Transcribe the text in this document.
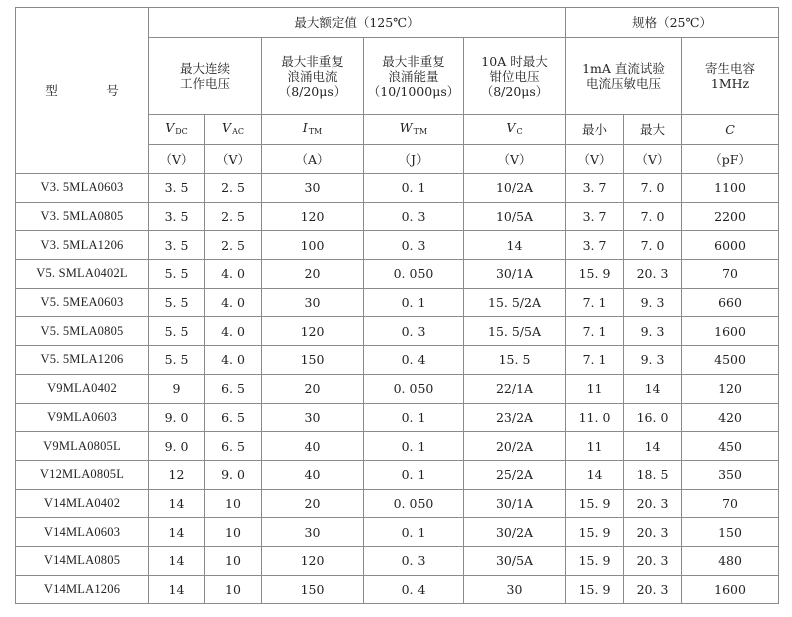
型　号	最大额定值（125℃）					规格（25℃）		

	最大连续
工作电压		最大非重复
浪涌电流
（8/20μs）	最大非重复
浪涌能量
（10/1000μs）	10A 时最大
钳位电压
（8/20μs）	1mA 直流试验
电流压敏电压		寄生电容
1MHz

	$V_{DC}$	$V_{AC}$	$I_{TM}$	$W_{TM}$	$V_C$	最小	最大	C
	（V）	（V）	（A）	（J）	（V）	（V）	（V）	（pF）
V3. 5MLA0603	3. 5	2. 5	30	0. 1	10/2A	3. 7	7. 0	1100
V3. 5MLA0805	3. 5	2. 5	120	0. 3	10/5A	3. 7	7. 0	2200
V3. 5MLA1206	3. 5	2. 5	100	0. 3	14	3. 7	7. 0	6000
V5. SMLA0402L	5. 5	4. 0	20	0. 050	30/1A	15. 9	20. 3	70
V5. 5MEA0603	5. 5	4. 0	30	0. 1	15. 5/2A	7. 1	9. 3	660
V5. 5MLA0805	5. 5	4. 0	120	0. 3	15. 5/5A	7. 1	9. 3	1600
V5. 5MLA1206	5. 5	4. 0	150	0. 4	15. 5	7. 1	9. 3	4500
V9MLA0402	9	6. 5	20	0. 050	22/1A	11	14	120
V9MLA0603	9. 0	6. 5	30	0. 1	23/2A	11. 0	16. 0	420
V9MLA0805L	9. 0	6. 5	40	0. 1	20/2A	11	14	450
V12MLA0805L	12	9. 0	40	0. 1	25/2A	14	18. 5	350
V14MLA0402	14	10	20	0. 050	30/1A	15. 9	20. 3	70
V14MLA0603	14	10	30	0. 1	30/2A	15. 9	20. 3	150
V14MLA0805	14	10	120	0. 3	30/5A	15. 9	20. 3	480
V14MLA1206	14	10	150	0. 4	30	15. 9	20. 3	1600
